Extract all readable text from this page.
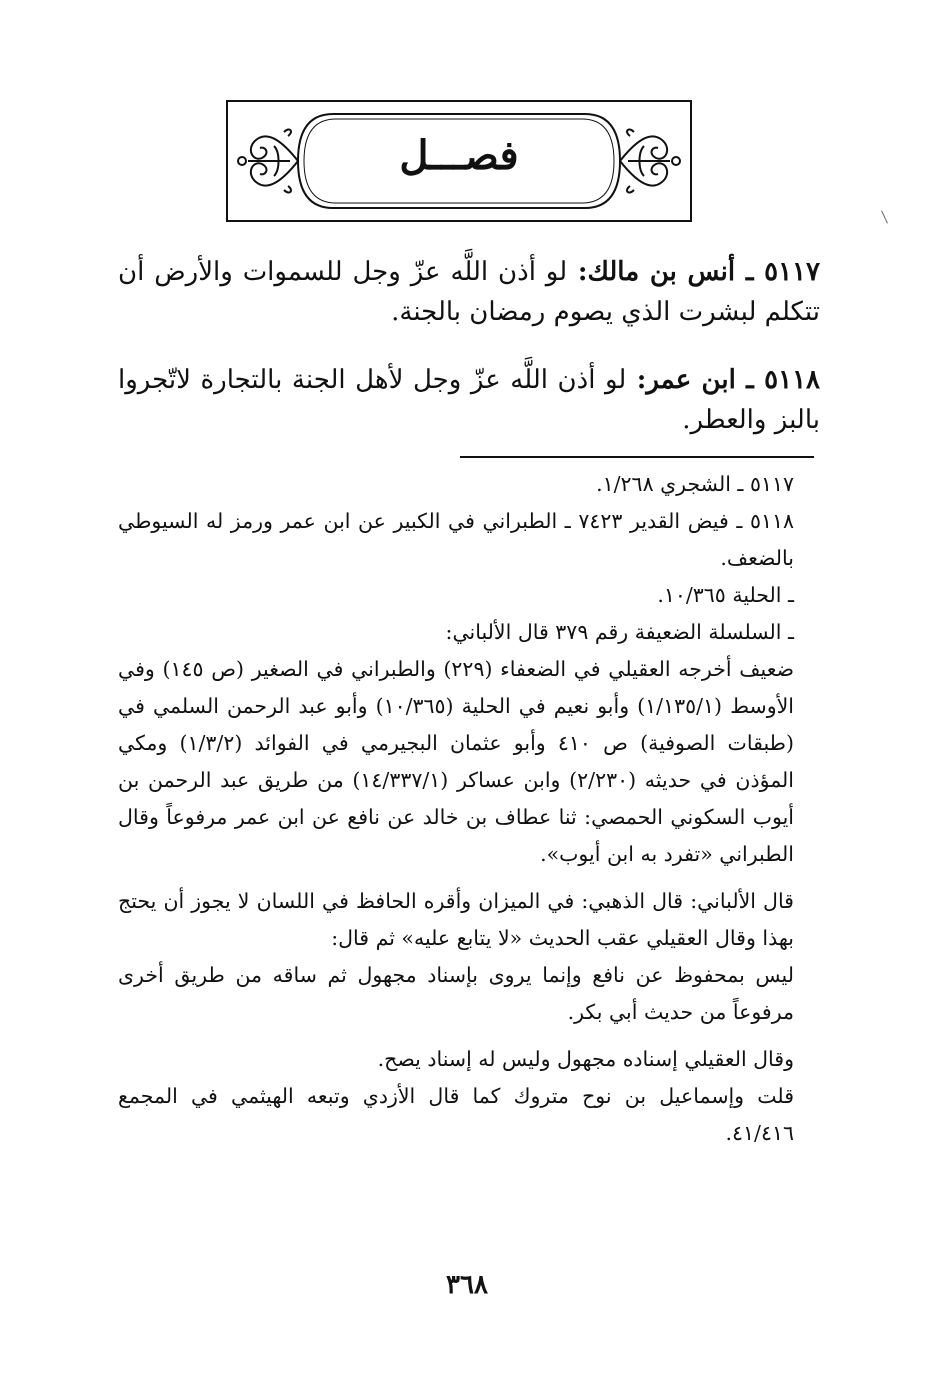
فصـــل
٥١١٧ ـ أنس بن مالك: لو أذن اللَّه عزّ وجل للسموات والأرض أن تتكلم لبشرت الذي يصوم رمضان بالجنة.
٥١١٨ ـ ابن عمر: لو أذن اللَّه عزّ وجل لأهل الجنة بالتجارة لاتّجروا بالبز والعطر.

٥١١٧ ـ الشجري ١/٢٦٨.

٥١١٨ ـ فيض القدير ٧٤٢٣ ـ الطبراني في الكبير عن ابن عمر ورمز له السيوطي بالضعف.

ـ الحلية ١٠/٣٦٥.

ـ السلسلة الضعيفة رقم ٣٧٩ قال الألباني:

ضعيف أخرجه العقيلي في الضعفاء (٢٢٩) والطبراني في الصغير (ص ١٤٥) وفي الأوسط (١/١٣٥/١) وأبو نعيم في الحلية (١٠/٣٦٥) وأبو عبد الرحمن السلمي في (طبقات الصوفية) ص ٤١٠ وأبو عثمان البجيرمي في الفوائد (١/٣/٢) ومكي المؤذن في حديثه (٢/٢٣٠) وابن عساكر (١٤/٣٣٧/١) من طريق عبد الرحمن بن أيوب السكوني الحمصي: ثنا عطاف بن خالد عن نافع عن ابن عمر مرفوعاً وقال الطبراني «تفرد به ابن أيوب».

قال الألباني: قال الذهبي: في الميزان وأقره الحافظ في اللسان لا يجوز أن يحتج بهذا وقال العقيلي عقب الحديث «لا يتابع عليه» ثم قال:

ليس بمحفوظ عن نافع وإنما يروى بإسناد مجهول ثم ساقه من طريق أخرى مرفوعاً من حديث أبي بكر.

وقال العقيلي إسناده مجهول وليس له إسناد يصح.

قلت وإسماعيل بن نوح متروك كما قال الأزدي وتبعه الهيثمي في المجمع ٤١/٤١٦.

٣٦٨
